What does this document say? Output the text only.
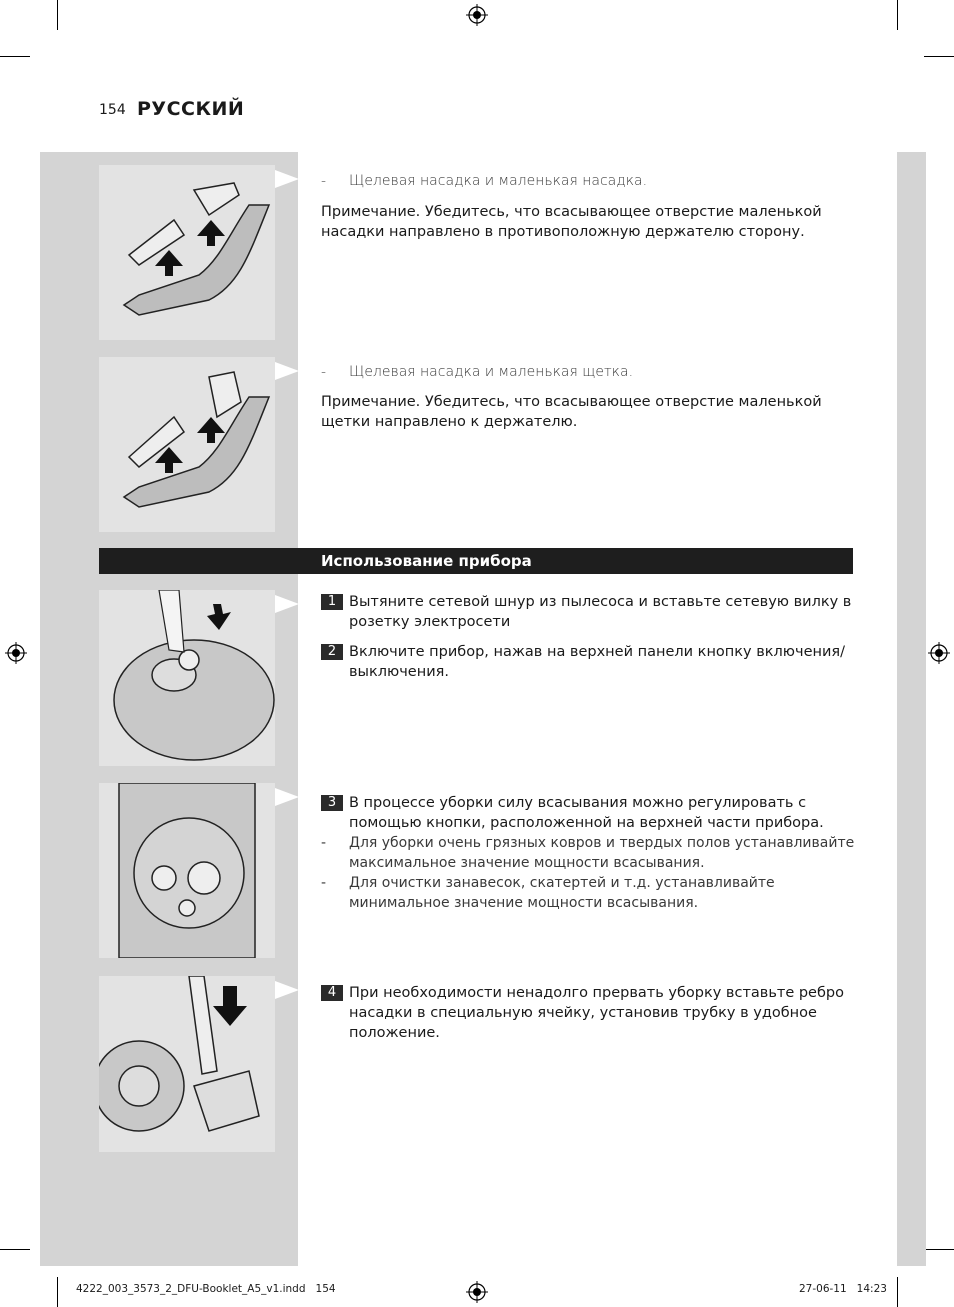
154 РУССКИЙ
- Щелевая насадка и маленькая насадка.
Примечание. Убедитесь, что всасывающее отверстие маленькой насадки направлено в противоположную держателю сторону.
- Щелевая насадка и маленькая щетка.
Примечание. Убедитесь, что всасывающее отверстие маленькой щетки направлено к держателю.
Использование прибора
1 Вытяните сетевой шнур из пылесоса и вставьте сетевую вилку в розетку электросети
2 Включите прибор, нажав на верхней панели кнопку включения/выключения.
3 В процессе уборки силу всасывания можно регулировать с помощью кнопки, расположенной на верхней части прибора.
- Для уборки очень грязных ковров и твердых полов устанавливайте максимальное значение мощности всасывания.
- Для очистки занавесок, скатертей и т.д. устанавливайте минимальное значение мощности всасывания.
4 При необходимости ненадолго прервать уборку вставьте ребро насадки в специальную ячейку, установив трубку в удобное положение.
4222_003_3573_2_DFU-Booklet_A5_v1.indd   154	27-06-11   14:23
